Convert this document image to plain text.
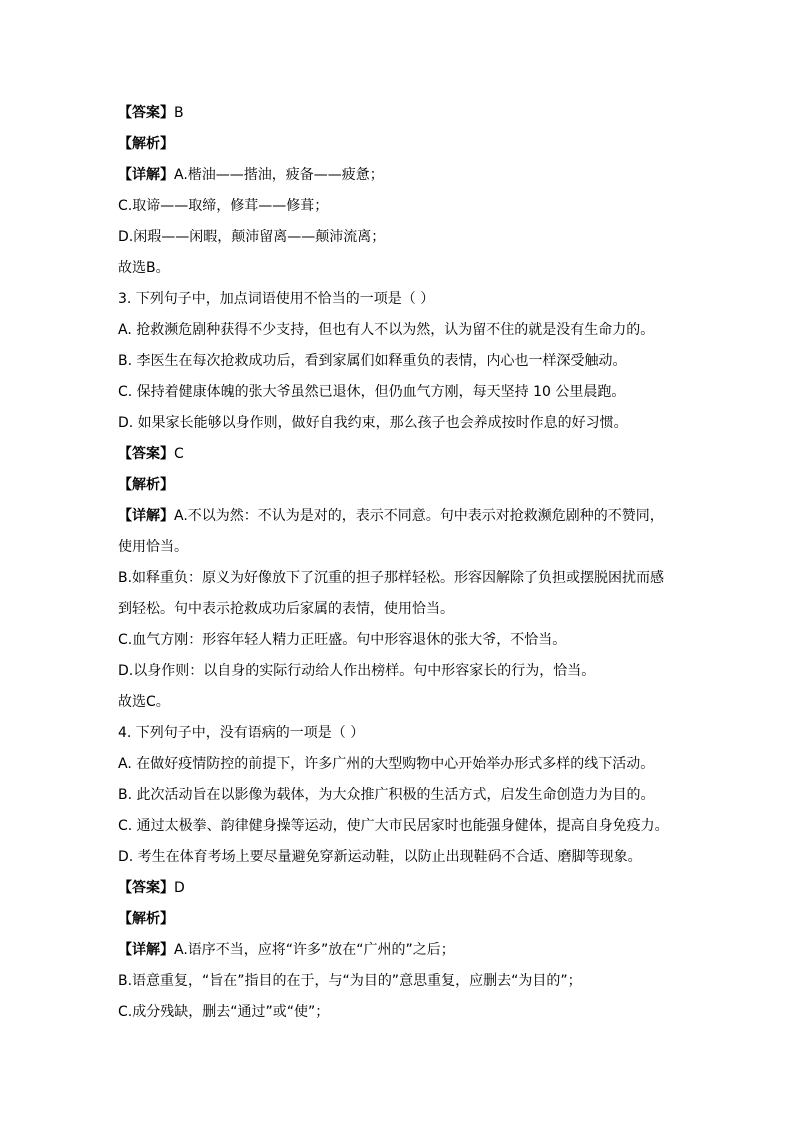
【答案】B
【解析】
【详解】A.楷油——揩油，疲备——疲惫；
C.取谛——取缔，修茸——修葺；
D.闲瑕——闲暇，颠沛留离——颠沛流离；
故选B。
3. 下列句子中，加点词语使用不恰当的一项是（ ）
A. 抢救濒危剧种获得不少支持，但也有人不以为然，认为留不住的就是没有生命力的。
B. 李医生在每次抢救成功后，看到家属们如释重负的表情，内心也一样深受触动。
C. 保持着健康体魄的张大爷虽然已退休，但仍血气方刚，每天坚持 10 公里晨跑。
D. 如果家长能够以身作则，做好自我约束，那么孩子也会养成按时作息的好习惯。
【答案】C
【解析】
【详解】A.不以为然：不认为是对的，表示不同意。句中表示对抢救濒危剧种的不赞同，
使用恰当。
B.如释重负：原义为好像放下了沉重的担子那样轻松。形容因解除了负担或摆脱困扰而感
到轻松。句中表示抢救成功后家属的表情，使用恰当。
C.血气方刚：形容年轻人精力正旺盛。句中形容退休的张大爷，不恰当。
D.以身作则：以自身的实际行动给人作出榜样。句中形容家长的行为，恰当。
故选C。
4. 下列句子中，没有语病的一项是（ ）
A. 在做好疫情防控的前提下，许多广州的大型购物中心开始举办形式多样的线下活动。
B. 此次活动旨在以影像为载体，为大众推广积极的生活方式，启发生命创造力为目的。
C. 通过太极拳、韵律健身操等运动，使广大市民居家时也能强身健体，提高自身免疫力。
D. 考生在体育考场上要尽量避免穿新运动鞋，以防止出现鞋码不合适、磨脚等现象。
【答案】D
【解析】
【详解】A.语序不当，应将“许多”放在“广州的”之后；
B.语意重复，“旨在”指目的在于，与“为目的”意思重复，应删去“为目的”；
C.成分残缺，删去“通过”或“使”；
